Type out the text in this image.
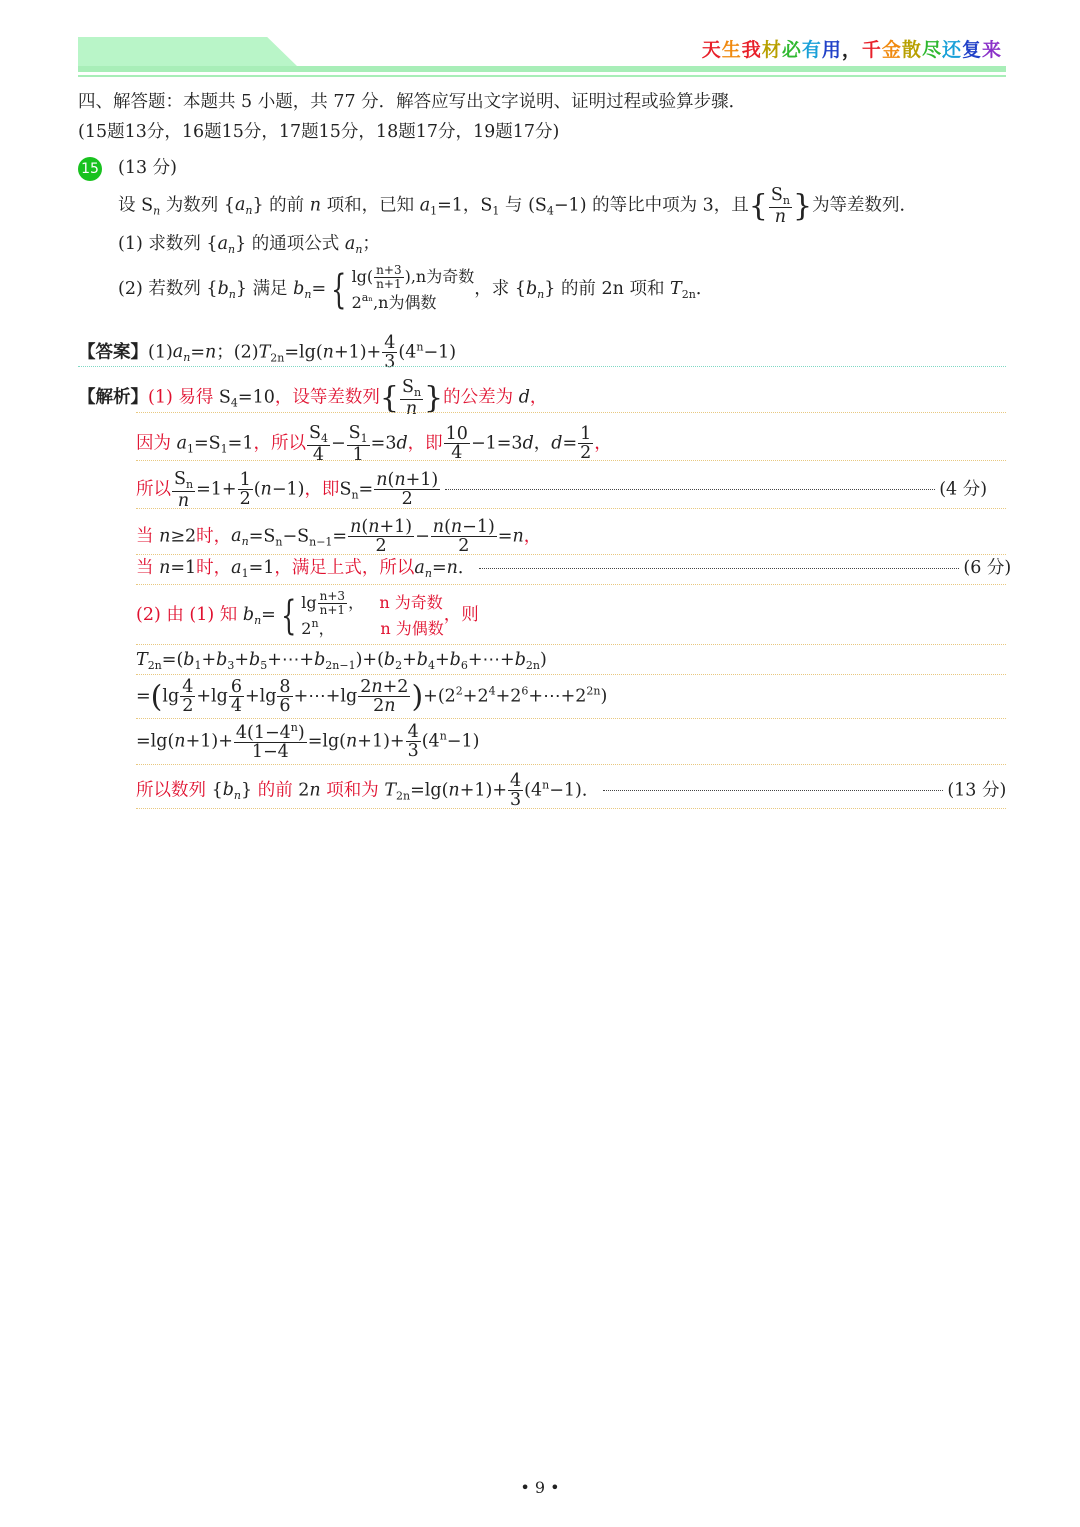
天生我材必有用，千金散尽还复来
四、解答题：本题共 5 小题，共 77 分．解答应写出文字说明、证明过程或验算步骤．
(15题13分，16题15分，17题15分，18题17分，19题17分)
15 (13 分)
设 $S_n$ 为数列 $\{a_n\}$ 的前 n 项和，已知 $a_1=1$，$S_1$ 与 $(S_4-1)$ 的等比中项为 3，且{ $\frac{S_n}{n}$ }为等差数列．
(1) 求数列 $\{a_n\}$ 的通项公式 $a_n$；
(2) 若数列 $\{b_n\}$ 满足 $b_n=$ { $\lg( \frac{n+3}{n+1} ),n$为奇数
$2^{a_n},n$为偶数，求 $\{b_n\}$ 的前 2n 项和 $T_{2n}$．
【答案】$(1)a_n=n$；$(2)T_{2n}=\lg(n+1)+ \frac{4}{3} (4^n-1)$
【解析】(1) 易得 $S_4=10$，设等差数列{ $\frac{S_n}{n}$ }的公差为 d，
因为 $a_1=S_1=1$，所以 $\frac{S_4}{4} - \frac{S_1}{1} =3d$，即 $\frac{10}{4} -1=3d$，$d= \frac{1}{2}$ ，
所以 $\frac{S_n}{n} =1+ \frac{1}{2} (n-1)$，即$S_n= \frac{n(n+1)}{2}$	(4 分)
当 n≥2时，$a_n=S_n-S_{n-1}= \frac{n(n+1)}{2} - \frac{n(n-1)}{2} =n$，
当 n=1时，$a_1=1$，满足上式，所以$a_n=n$．	(6 分)
(2) 由 (1) 知 $b_n=$ { $\lg \frac{n+3}{n+1}$ ，   n 为奇数
2$^n$，         n 为偶数，则
$T_{2n}=(b_1+b_3+b_5+\cdots+b_{2n-1})+(b_2+b_4+b_6+\cdots+b_{2n})$
$=(\lg \frac{4}{2} +\lg \frac{6}{4} +\lg \frac{8}{6}$ +⋯+lg $\frac{2n+2}{2n}$ )$+(2^2+2^4+2^6+\cdots+2^{2n})$
$=\lg(n+1)+ \frac{4(1-4^n)}{1-4} =\lg(n+1)+ \frac{4}{3} (4^n-1)$
所以数列 $\{b_n\}$ 的前 2n 项和为 $T_{2n}=\lg(n+1)+ \frac{4}{3} (4^n-1)$．	(13 分)
• 9 •
